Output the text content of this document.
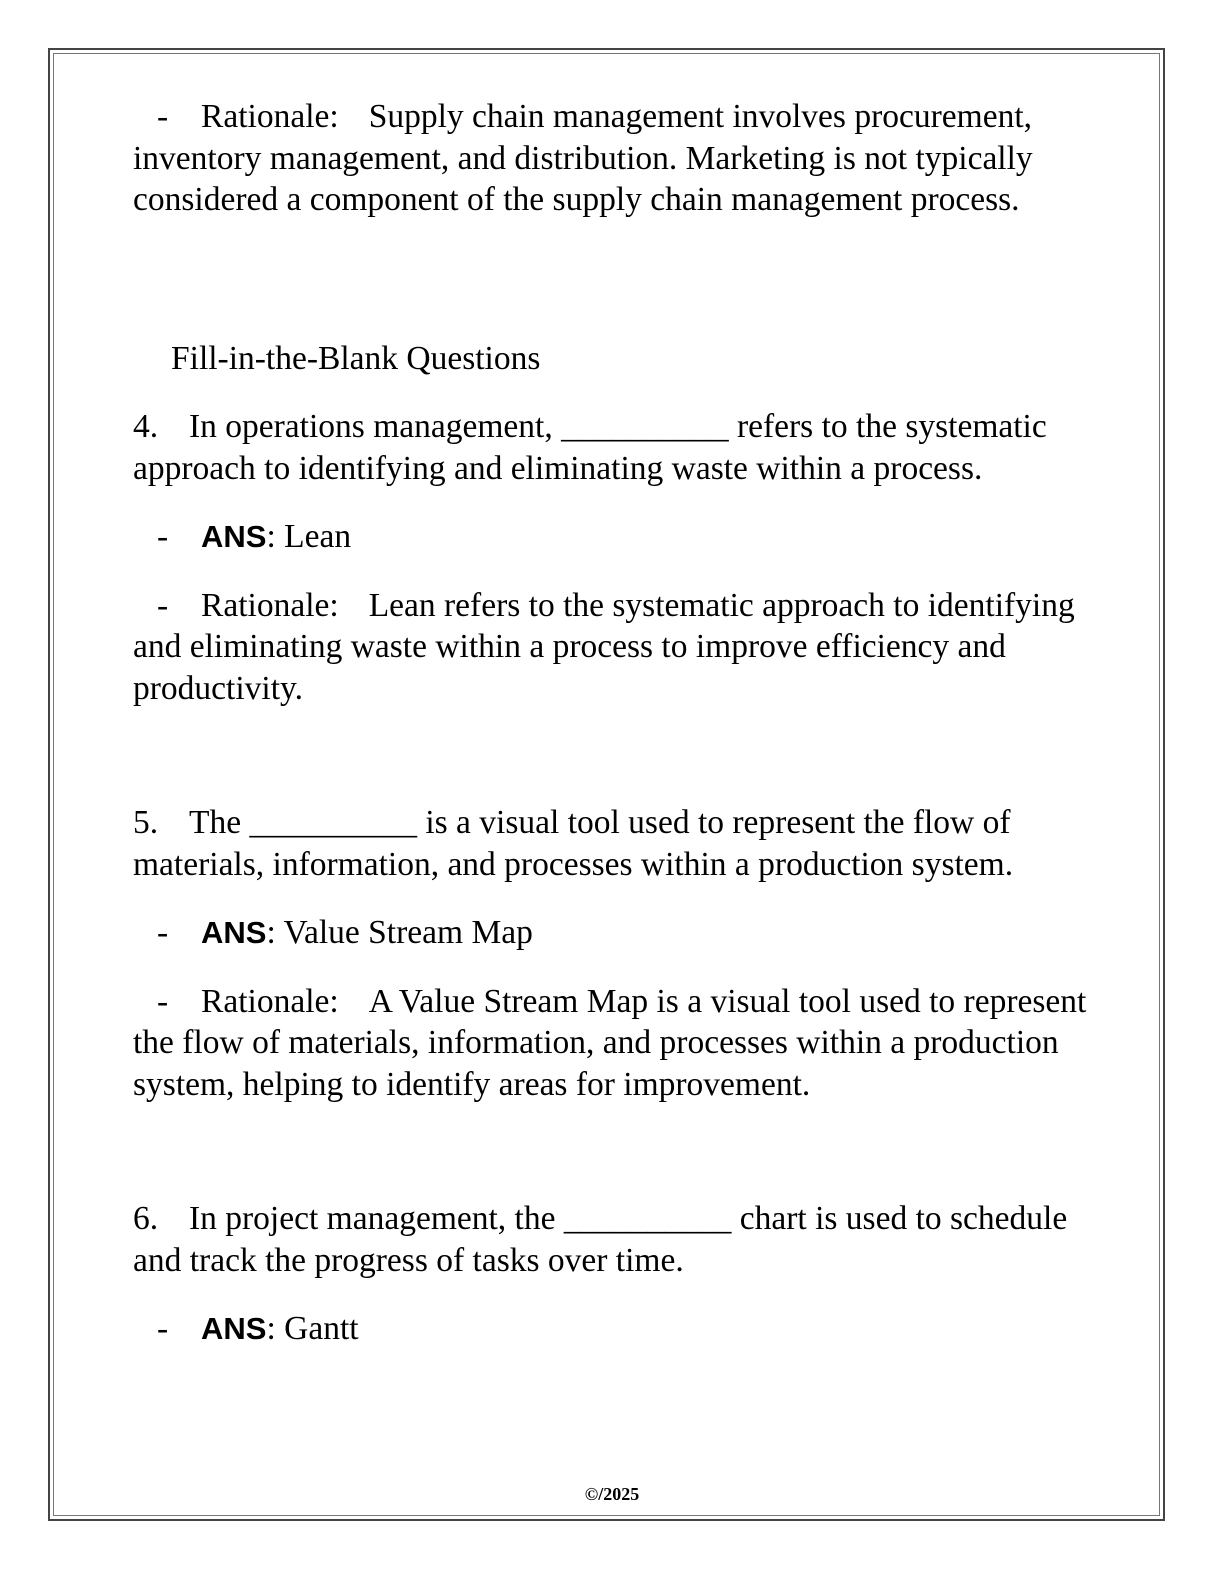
- Rationale: Supply chain management involves procurement, inventory management, and distribution. Marketing is not typically considered a component of the supply chain management process.

Fill-in-the-Blank Questions

4. In operations management, __________ refers to the systematic approach to identifying and eliminating waste within a process.

- ANS: Lean

- Rationale: Lean refers to the systematic approach to identifying and eliminating waste within a process to improve efficiency and productivity.

5. The __________ is a visual tool used to represent the flow of materials, information, and processes within a production system.

- ANS: Value Stream Map

- Rationale: A Value Stream Map is a visual tool used to represent the flow of materials, information, and processes within a production system, helping to identify areas for improvement.

6. In project management, the __________ chart is used to schedule and track the progress of tasks over time.

- ANS: Gantt

©/2025
